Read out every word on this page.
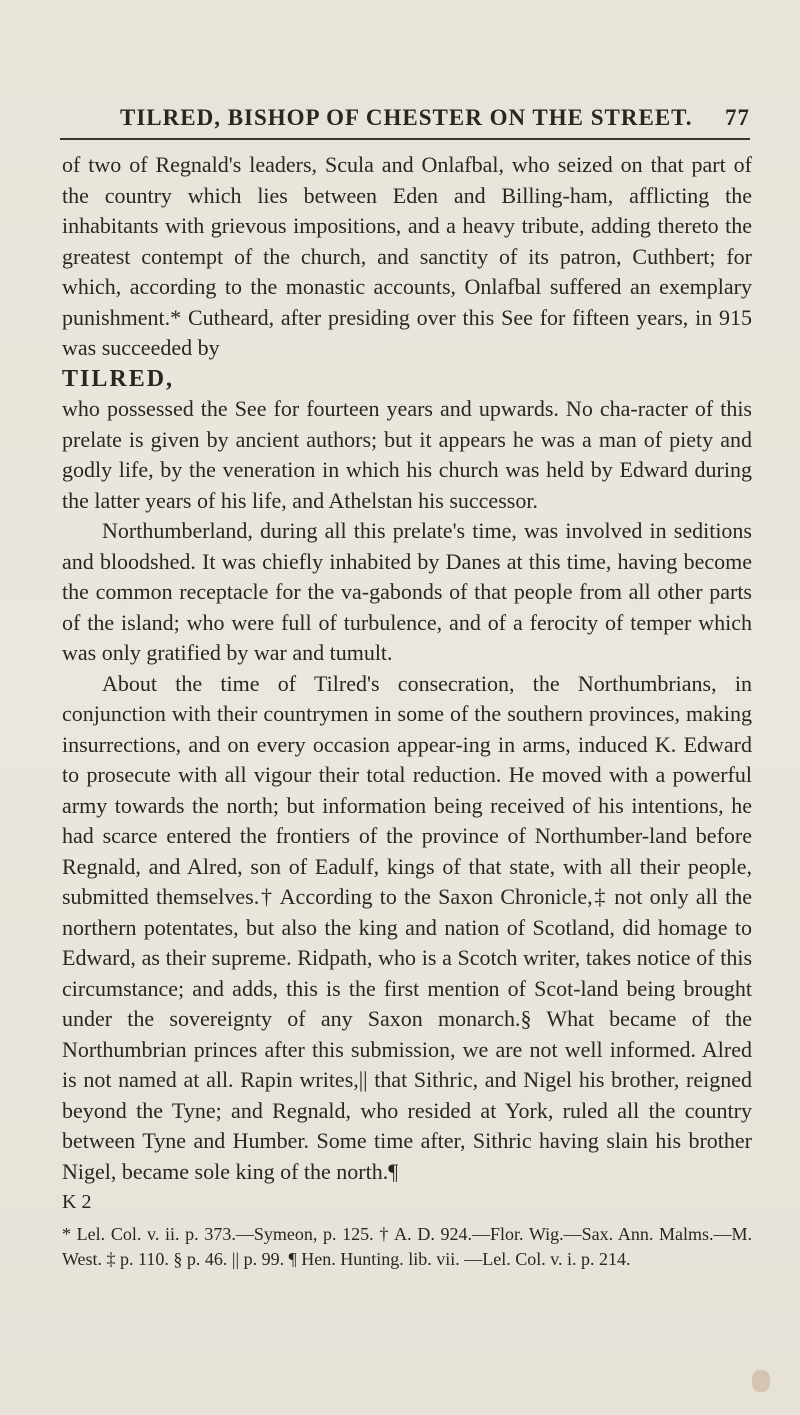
TILRED, BISHOP OF CHESTER ON THE STREET. 77

of two of Regnald's leaders, Scula and Onlafbal, who seized on that part of the country which lies between Eden and Billing-ham, afflicting the inhabitants with grievous impositions, and a heavy tribute, adding thereto the greatest contempt of the church, and sanctity of its patron, Cuthbert; for which, according to the monastic accounts, Onlafbal suffered an exemplary punishment.* Cutheard, after presiding over this See for fifteen years, in 915 was succeeded by

TILRED,

who possessed the See for fourteen years and upwards. No cha-racter of this prelate is given by ancient authors; but it appears he was a man of piety and godly life, by the veneration in which his church was held by Edward during the latter years of his life, and Athelstan his successor.

Northumberland, during all this prelate's time, was involved in seditions and bloodshed. It was chiefly inhabited by Danes at this time, having become the common receptacle for the va-gabonds of that people from all other parts of the island; who were full of turbulence, and of a ferocity of temper which was only gratified by war and tumult.

About the time of Tilred's consecration, the Northumbrians, in conjunction with their countrymen in some of the southern provinces, making insurrections, and on every occasion appear-ing in arms, induced K. Edward to prosecute with all vigour their total reduction. He moved with a powerful army towards the north; but information being received of his intentions, he had scarce entered the frontiers of the province of Northumber-land before Regnald, and Alred, son of Eadulf, kings of that state, with all their people, submitted themselves.† According to the Saxon Chronicle,‡ not only all the northern potentates, but also the king and nation of Scotland, did homage to Edward, as their supreme. Ridpath, who is a Scotch writer, takes notice of this circumstance; and adds, this is the first mention of Scot-land being brought under the sovereignty of any Saxon monarch.§ What became of the Northumbrian princes after this submission, we are not well informed. Alred is not named at all. Rapin writes,|| that Sithric, and Nigel his brother, reigned beyond the Tyne; and Regnald, who resided at York, ruled all the country between Tyne and Humber. Some time after, Sithric having slain his brother Nigel, became sole king of the north.¶

K 2

* Lel. Col. v. ii. p. 373.—Symeon, p. 125. † A. D. 924.—Flor. Wig.—Sax. Ann. Malms.—M. West. ‡ p. 110. § p. 46. || p. 99. ¶ Hen. Hunting. lib. vii. —Lel. Col. v. i. p. 214.
